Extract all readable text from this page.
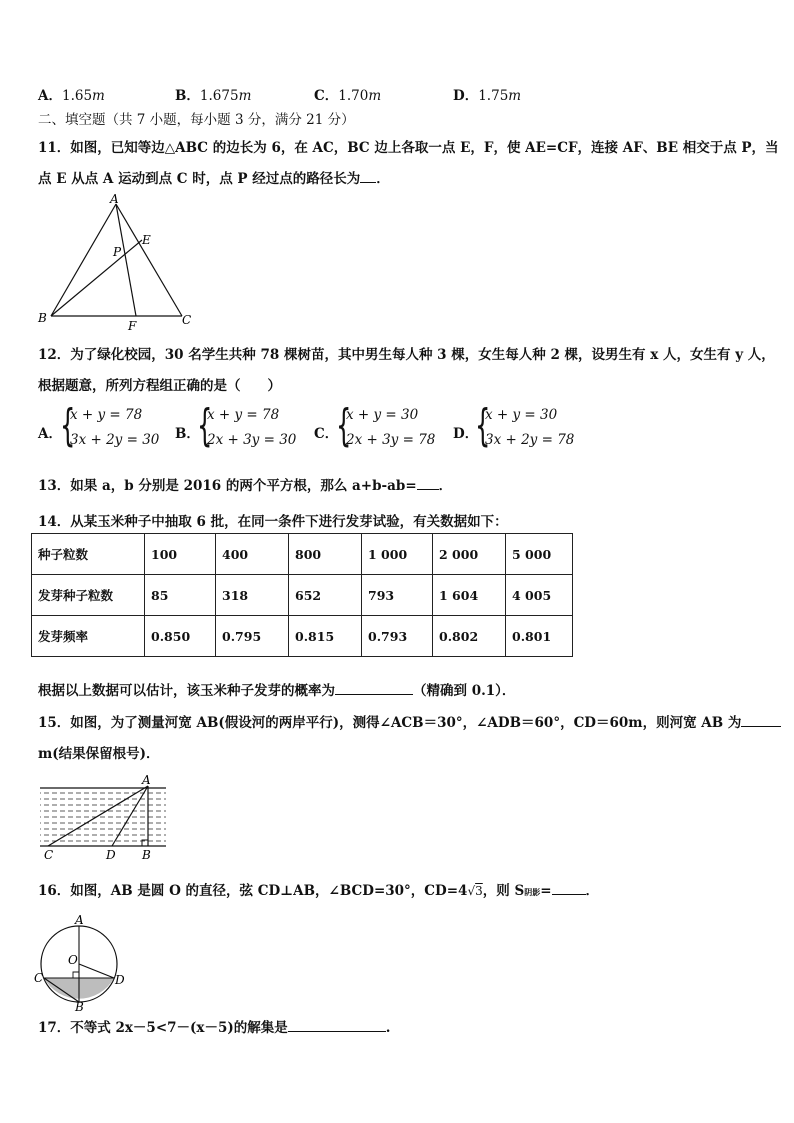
A．1.65m	B．1.675m	C．1.70m	D．1.75m
二、填空题（共 7 小题，每小题 3 分，满分 21 分）
11．如图，已知等边△ABC 的边长为 6，在 AC，BC 边上各取一点 E，F，使 AE=CF，连接 AF、BE 相交于点 P，当
点 E 从点 A 运动到点 C 时，点 P 经过点的路径长为 ．
A
B	C
E
F
P
12．为了绿化校园，30 名学生共种 78 棵树苗，其中男生每人种 3 棵，女生每人种 2 棵，设男生有 x 人，女生有 y 人，
根据题意，所列方程组正确的是（　　）
A．
{
x + y = 78
3x + 2y = 30 B．
{
x + y = 78
2x + 3y = 30 C．
{
x + y = 30
2x + 3y = 78 D．
{
x + y = 30
3x + 2y = 78
13．如果 a，b 分别是 2016 的两个平方根，那么 a+b-ab= ．
14．从某玉米种子中抽取 6 批，在同一条件下进行发芽试验，有关数据如下：
种子粒数	100	400	800	1 000	2 000	5 000
发芽种子粒数	85	318	652	793	1 604	4 005
发芽频率	0.850	0.795	0.815	0.793	0.802	0.801
根据以上数据可以估计，该玉米种子发芽的概率为	（精确到 0.1）．
15．如图，为了测量河宽 AB(假设河的两岸平行)，测得∠ACB＝30°，∠ADB＝60°，CD＝60m，则河宽 AB 为
m(结果保留根号)．
A
C	D B
16．如图，AB 是圆 O 的直径，弦 CD⊥AB，∠BCD=30°，CD=4√3，则 S阴影=	．
A
C	D
B
O
17．不等式 2x－5<7－(x－5)的解集是	.
